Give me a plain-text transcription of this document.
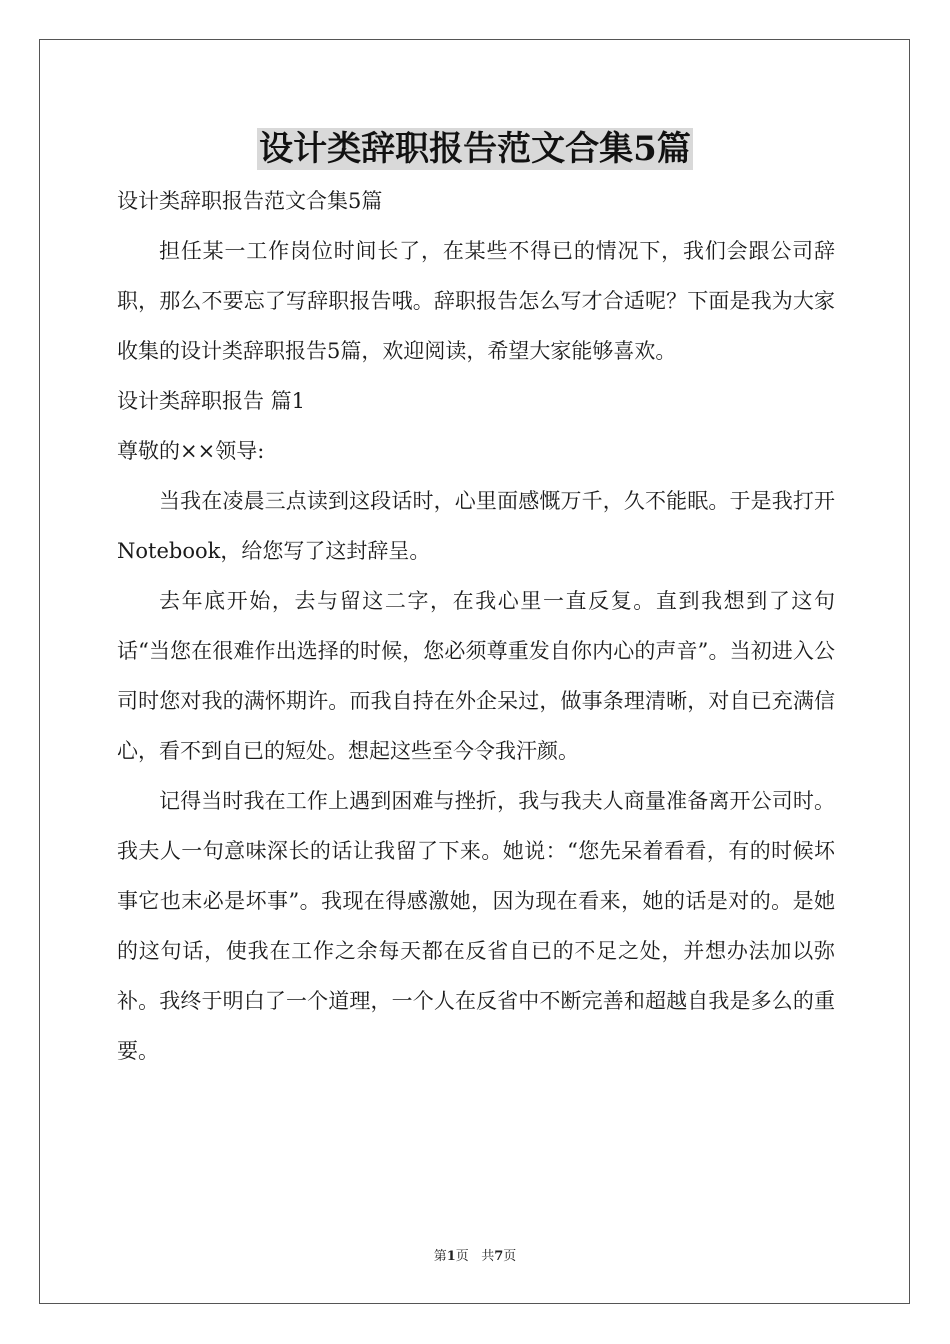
设计类辞职报告范文合集5篇

设计类辞职报告范文合集5篇

担任某一工作岗位时间长了，在某些不得已的情况下，我们会跟公司辞职，那么不要忘了写辞职报告哦。辞职报告怎么写才合适呢？下面是我为大家收集的设计类辞职报告5篇，欢迎阅读，希望大家能够喜欢。

设计类辞职报告 篇1

尊敬的××领导:

当我在凌晨三点读到这段话时，心里面感慨万千，久不能眠。于是我打开Notebook，给您写了这封辞呈。

去年底开始，去与留这二字，在我心里一直反复。直到我想到了这句话“当您在很难作出选择的时候，您必须尊重发自你内心的声音”。当初进入公司时您对我的满怀期许。而我自持在外企呆过，做事条理清晰，对自已充满信心，看不到自已的短处。想起这些至今令我汗颜。

记得当时我在工作上遇到困难与挫折，我与我夫人商量准备离开公司时。我夫人一句意味深长的话让我留了下来。她说：“您先呆着看看，有的时候坏事它也末必是坏事”。我现在得感激她，因为现在看来，她的话是对的。是她的这句话，使我在工作之余每天都在反省自已的不足之处，并想办法加以弥补。我终于明白了一个道理，一个人在反省中不断完善和超越自我是多么的重要。

第1页 共7页
